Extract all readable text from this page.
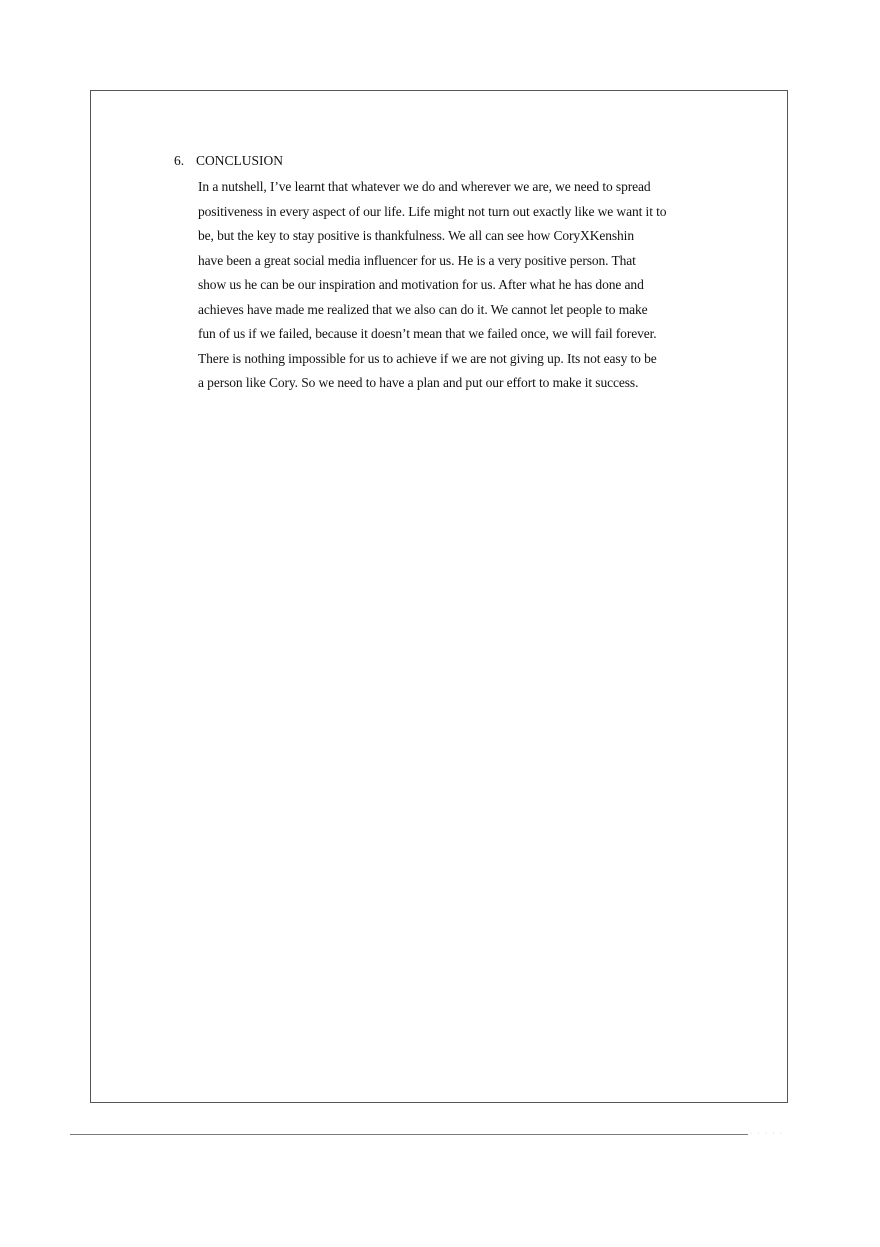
6. CONCLUSION
In a nutshell, I’ve learnt that whatever we do and wherever we are, we need to spread
positiveness in every aspect of our life. Life might not turn out exactly like we want it to
be, but the key to stay positive is thankfulness. We all can see how CoryXKenshin
have been a great social media influencer for us. He is a very positive person. That
show us he can be our inspiration and motivation for us. After what he has done and
achieves have made me realized that we also can do it. We cannot let people to make
fun of us if we failed, because it doesn’t mean that we failed once, we will fail forever.
There is nothing impossible for us to achieve if we are not giving up. Its not easy to be
a person like Cory. So we need to have a plan and put our effort to make it success.
· · · · ·
